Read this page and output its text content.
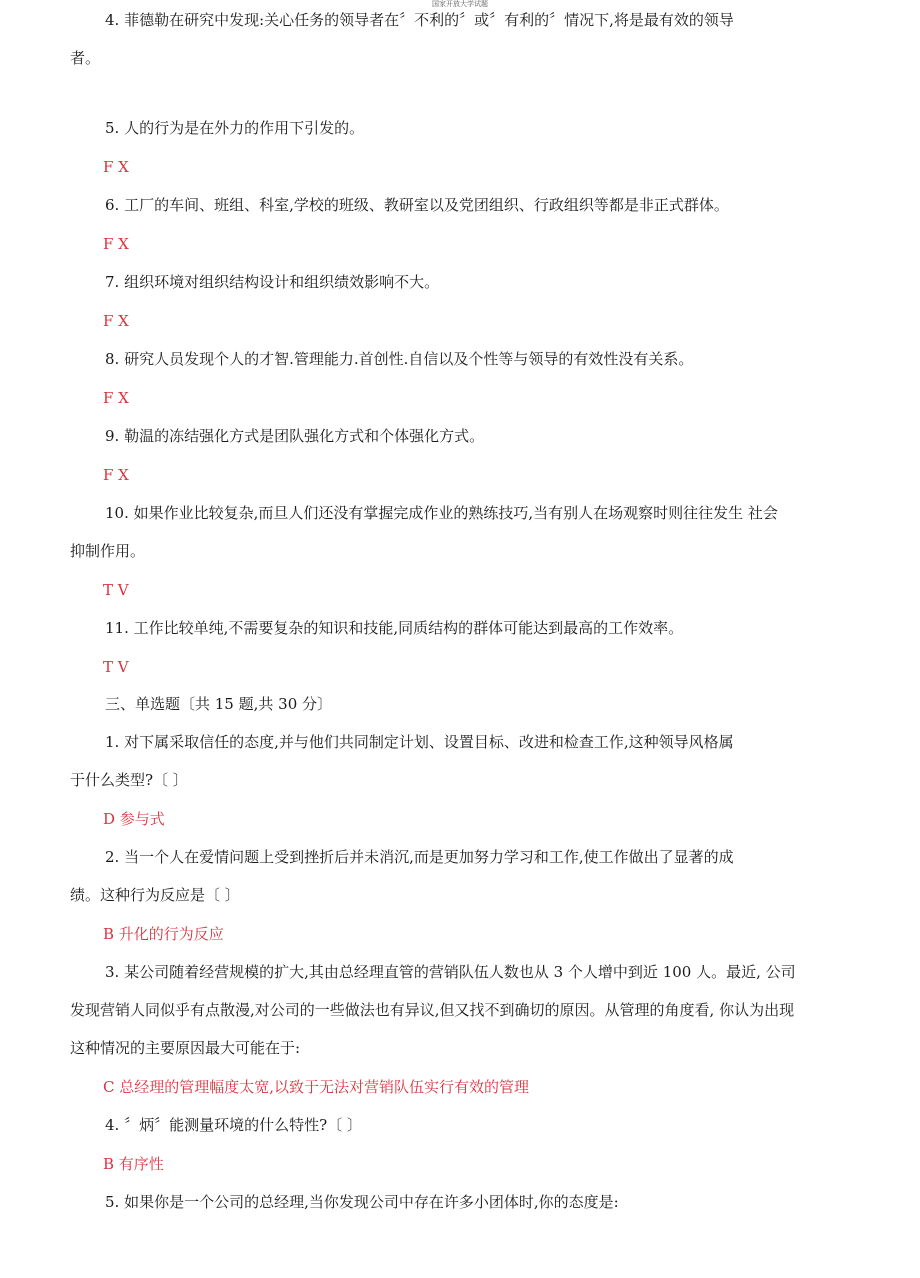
国家开放大学试题
4. 菲德勒在研究中发现:关心任务的领导者在〞不利的〞或〞有利的〞情况下,将是最有效的领导
者。
5. 人的行为是在外力的作用下引发的。
F X
6. 工厂的车间、班组、科室,学校的班级、教研室以及党团组织、行政组织等都是非正式群体。
F X
7. 组织环境对组织结构设计和组织绩效影响不大。
F X
8. 研究人员发现个人的才智.管理能力.首创性.自信以及个性等与领导的有效性没有关系。
F X
9. 勒温的冻结强化方式是团队强化方式和个体强化方式。
F X
10. 如果作业比较复杂,而旦人们还没有掌握完成作业的熟练技巧,当有别人在场观察时则往往发生 社会
抑制作用。
T V
11. 工作比较单纯,不需要复杂的知识和技能,同质结构的群体可能达到最高的工作效率。
T V
三、单选题〔共 15 题,共 30 分〕
1. 对下属采取信任的态度,并与他们共同制定计划、设置目标、改进和检查工作,这种领导风格属
于什么类型?〔 〕
D 参与式
2. 当一个人在爱情问题上受到挫折后并未消沉,而是更加努力学习和工作,使工作做出了显著的成
绩。这种行为反应是〔 〕
B 升化的行为反应
3. 某公司随着经营规模的扩大,其由总经理直管的营销队伍人数也从 3 个人增中到近 100 人。最近, 公司
发现营销人同似乎有点散漫,对公司的一些做法也有异议,但又找不到确切的原因。从管理的角度看, 你认为出现
这种情况的主要原因最大可能在于:
C 总经理的管理幅度太宽,以致于无法对营销队伍实行有效的管理
4. 〞炳〞能测量环境的什么特性?〔 〕
B 有序性
5. 如果你是一个公司的总经理,当你发现公司中存在许多小团体时,你的态度是:
